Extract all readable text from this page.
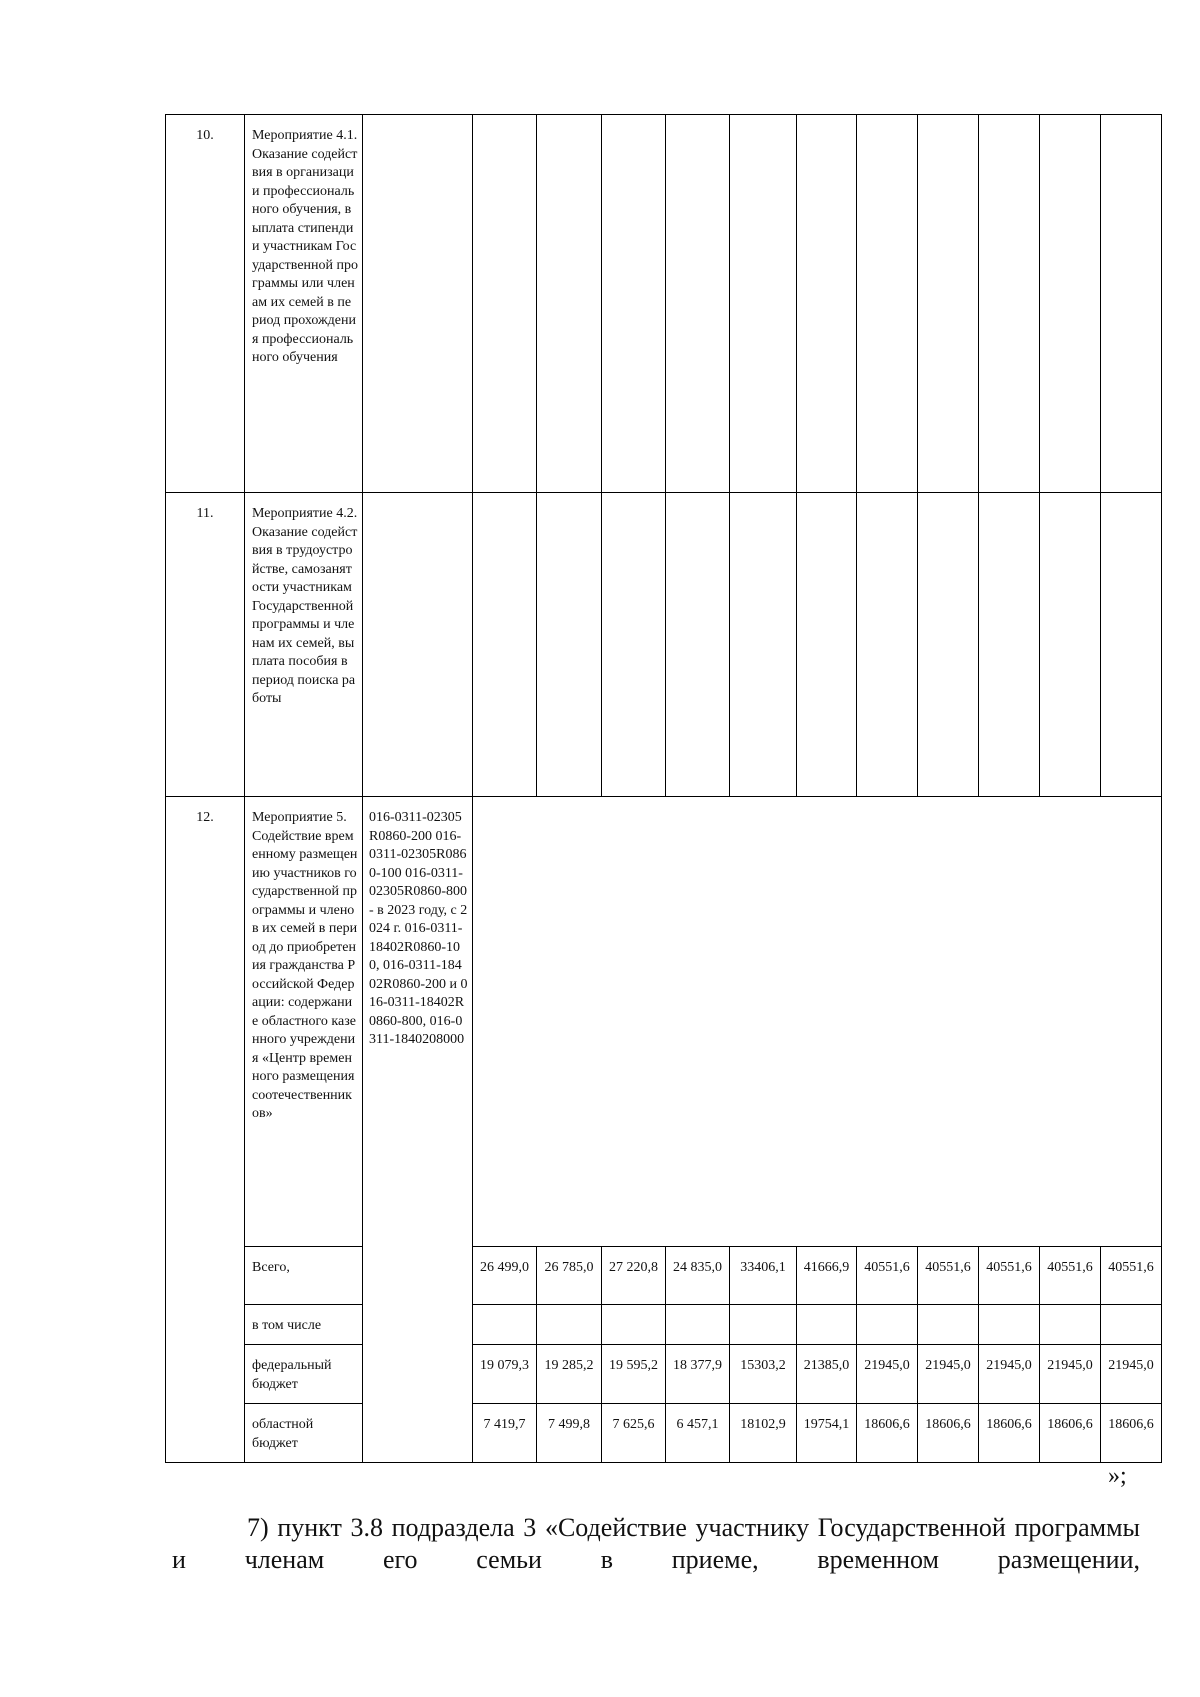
10.	Мероприятие 4.1. Оказание содействия в организации профессионального обучения, выплата стипендии участникам Государственной программы или членам их семей в период прохождения профессионального обучения												
11.	Мероприятие 4.2. Оказание содействия в трудоустройстве, самозанятости участникам Государственной программы и членам их семей, выплата пособия в период поиска работы												
12.	Мероприятие 5. Содействие временному размещению участников государственной программы и членов их семей в период до приобретения гражданства Российской Федерации: содержание областного казенного учреждения «Центр временного размещения соотечественников»	016-0311-02305R0860-200 016-0311-02305R0860-100 016-0311-02305R0860-800 - в 2023 году, с 2024 г. 016-0311-18402R0860-100, 016-0311-18402R0860-200 и 016-0311-18402R0860-800, 016-0311-1840208000											
	Всего,		26 499,0	26 785,0	27 220,8	24 835,0	33406,1	41666,9	40551,6	40551,6	40551,6	40551,6	40551,6
	в том числе												
	федеральный бюджет		19 079,3	19 285,2	19 595,2	18 377,9	15303,2	21385,0	21945,0	21945,0	21945,0	21945,0	21945,0
	областной бюджет		7 419,7	7 499,8	7 625,6	6 457,1	18102,9	19754,1	18606,6	18606,6	18606,6	18606,6	18606,6
»;
7) пункт 3.8 подраздела 3 «Содействие участнику Государственной программы и членам его семьи в приеме, временном размещении,
